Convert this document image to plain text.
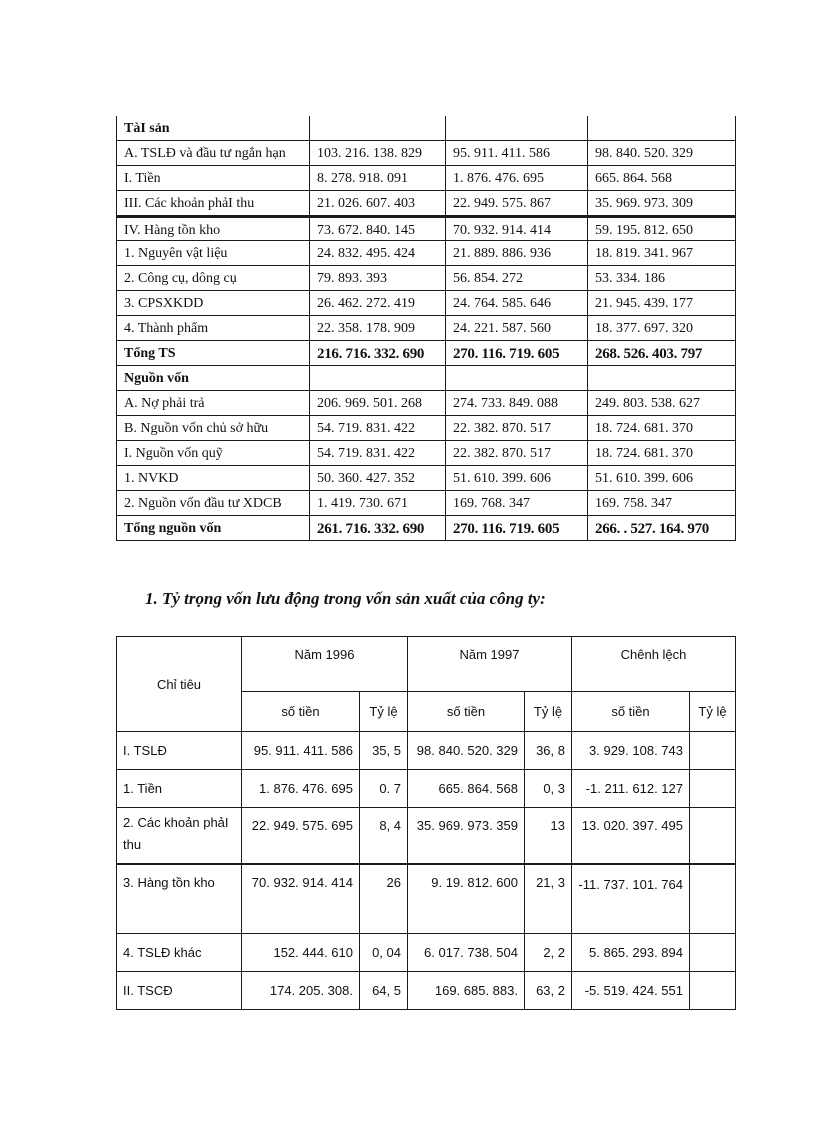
TàI sản
A. TSLĐ và đầu tư ngắn hạn	103. 216. 138. 829	95. 911. 411. 586	98. 840. 520. 329
I. Tiền	8. 278. 918. 091	1. 876. 476. 695	665. 864. 568
III. Các khoản phảI thu	21. 026. 607. 403	22. 949. 575. 867	35. 969. 973. 309
IV. Hàng tồn kho	73. 672. 840. 145	70. 932. 914. 414	59. 195. 812. 650
1. Nguyên vật liệu	24. 832. 495. 424	21. 889. 886. 936	18. 819. 341. 967
2. Công cụ, dông cụ	79. 893. 393	56. 854. 272	53. 334. 186
3. CPSXKDD	26. 462. 272. 419	24. 764. 585. 646	21. 945. 439. 177
4. Thành phẩm	22. 358. 178. 909	24. 221. 587. 560	18. 377. 697. 320
Tổng TS	216. 716. 332. 690	270. 116. 719. 605	268. 526. 403. 797
Nguồn vốn
A. Nợ phải trả	206. 969. 501. 268	274. 733. 849. 088	249. 803. 538. 627
B. Nguồn vốn chủ sở hữu	54. 719. 831. 422	22. 382. 870. 517	18. 724. 681. 370
I. Nguồn vốn quỹ	54. 719. 831. 422	22. 382. 870. 517	18. 724. 681. 370
1. NVKD	50. 360. 427. 352	51. 610. 399. 606	51. 610. 399. 606
2. Nguồn vốn đầu tư XDCB	1. 419. 730. 671	169. 768. 347	169. 758. 347
Tổng nguồn vốn	261. 716. 332. 690	270. 116. 719. 605	266. . 527. 164. 970
1. Tỷ trọng vốn lưu động trong vốn sản xuất của công ty:
Chỉ tiêu	Năm 1996		Năm 1997		Chênh lệch	
	số tiền	Tỷ lệ	số tiền	Tỷ lệ	số tiền	Tỷ lệ
I. TSLĐ	95. 911. 411. 586	35, 5	98. 840. 520. 329	36, 8	3. 929. 108. 743	
1. Tiền	1. 876. 476. 695	0. 7	665. 864. 568	0, 3	-1. 211. 612. 127	
2. Các khoản phảI thu	22. 949. 575. 695	8, 4	35. 969. 973. 359	13	13. 020. 397. 495	
3. Hàng tồn kho	70. 932. 914. 414	26	9. 19. 812. 600	21, 3	-11. 737. 101. 764	
4. TSLĐ khác	152. 444. 610	0, 04	6. 017. 738. 504	2, 2	5. 865. 293. 894	
II. TSCĐ	174. 205. 308.	64, 5	169. 685. 883.	63, 2	-5. 519. 424. 551	
